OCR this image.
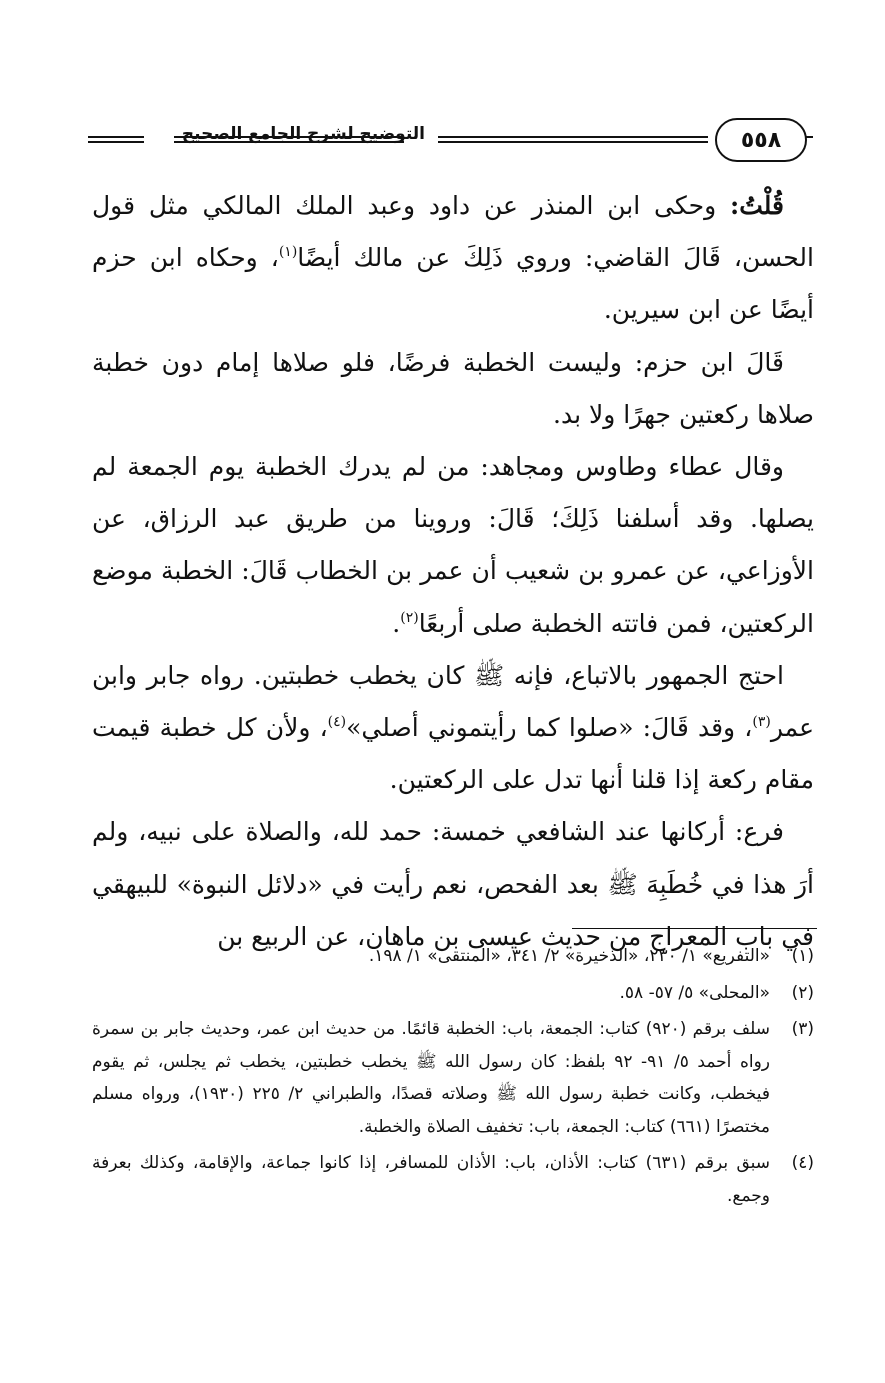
التوضيح لشرح الجامع الصحيح	٥٥٨

قُلْتُ: وحكى ابن المنذر عن داود وعبد الملك المالكي مثل قول الحسن، قَالَ القاضي: وروي ذَلِكَ عن مالك أيضًا$^{(١)}$، وحكاه ابن حزم أيضًا عن ابن سيرين.

قَالَ ابن حزم: وليست الخطبة فرضًا، فلو صلاها إمام دون خطبة صلاها ركعتين جهرًا ولا بد.

وقال عطاء وطاوس ومجاهد: من لم يدرك الخطبة يوم الجمعة لم يصلها. وقد أسلفنا ذَلِكَ؛ قَالَ: وروينا من طريق عبد الرزاق، عن الأوزاعي، عن عمرو بن شعيب أن عمر بن الخطاب قَالَ: الخطبة موضع الركعتين، فمن فاتته الخطبة صلى أربعًا$^{(٢)}$.

احتج الجمهور بالاتباع، فإنه ﷺ كان يخطب خطبتين. رواه جابر وابن عمر$^{(٣)}$، وقد قَالَ: «صلوا كما رأيتموني أصلي»$^{(٤)}$، ولأن كل خطبة قيمت مقام ركعة إذا قلنا أنها تدل على الركعتين.

فرع: أركانها عند الشافعي خمسة: حمد لله، والصلاة على نبيه، ولم أرَ هذا في خُطَبِهَ ﷺ بعد الفحص، نعم رأيت في «دلائل النبوة» للبيهقي في باب المعراج من حديث عيسى بن ماهان، عن الربيع بن

(١)
«التفريع» ١/ ٢٣٠، «الذخيرة» ٢/ ٣٤١، «المنتقى» ١/ ١٩٨.
(٢)
«المحلى» ٥/ ٥٧- ٥٨.
(٣)
سلف برقم (٩٢٠) كتاب: الجمعة، باب: الخطبة قائمًا. من حديث ابن عمر، وحديث جابر بن سمرة رواه أحمد ٥/ ٩١- ٩٢ بلفظ: كان رسول الله ﷺ يخطب خطبتين، يخطب ثم يجلس، ثم يقوم فيخطب، وكانت خطبة رسول الله ﷺ وصلاته قصدًا، والطبراني ٢/ ٢٢٥ (١٩٣٠)، ورواه مسلم مختصرًا (٦٦١) كتاب: الجمعة، باب: تخفيف الصلاة والخطبة.
(٤)
سبق برقم (٦٣١) كتاب: الأذان، باب: الأذان للمسافر، إذا كانوا جماعة، والإقامة، وكذلك بعرفة وجمع.
